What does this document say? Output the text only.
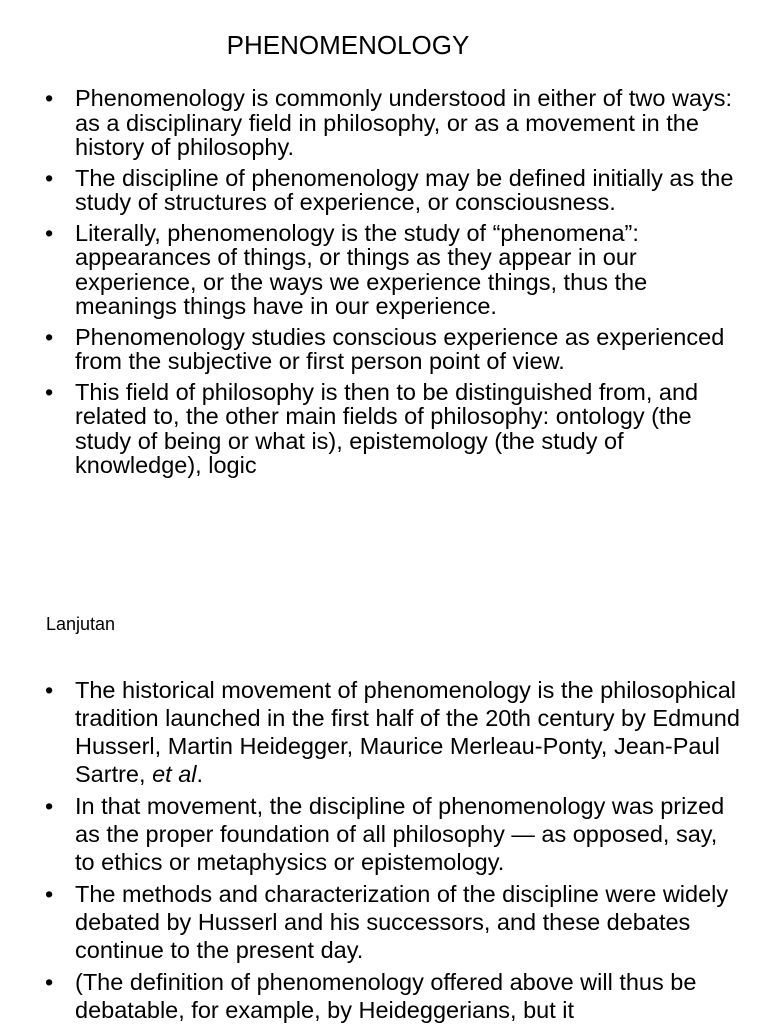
PHENOMENOLOGY
• Phenomenology is commonly understood in either of two ways: as a disciplinary field in philosophy, or as a movement in the history of philosophy.
• The discipline of phenomenology may be defined initially as the study of structures of experience, or consciousness.
• Literally, phenomenology is the study of “phenomena”: appearances of things, or things as they appear in our experience, or the ways we experience things, thus the meanings things have in our experience.
• Phenomenology studies conscious experience as experienced from the subjective or first person point of view.
• This field of philosophy is then to be distinguished from, and related to, the other main fields of philosophy: ontology (the study of being or what is), epistemology (the study of knowledge), logic
Lanjutan
• The historical movement of phenomenology is the philosophical tradition launched in the first half of the 20th century by Edmund Husserl, Martin Heidegger, Maurice Merleau-Ponty, Jean-Paul Sartre, et al.
• In that movement, the discipline of phenomenology was prized as the proper foundation of all philosophy — as opposed, say, to ethics or metaphysics or epistemology.
• The methods and characterization of the discipline were widely debated by Husserl and his successors, and these debates continue to the present day.
• (The definition of phenomenology offered above will thus be debatable, for example, by Heideggerians, but it
